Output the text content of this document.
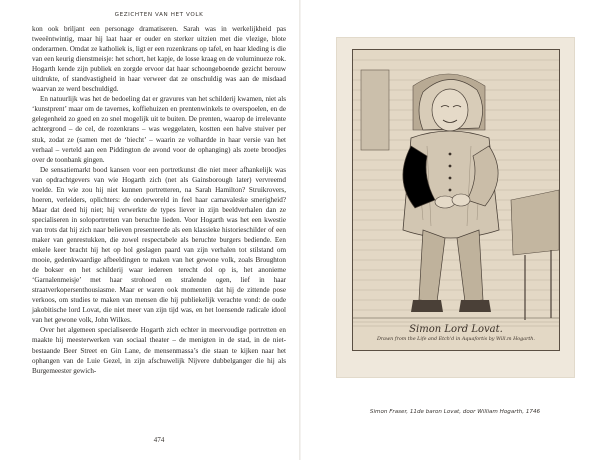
GEZICHTEN VAN HET VOLK

kon ook briljant een personage dramatiseren. Sarah was in werkelijkheid pas tweeëntwintig, maar hij laat haar er ouder en sterker uitzien met die vlezige, blote onderarmen. Omdat ze katholiek is, ligt er een rozenkrans op tafel, en haar kleding is die van een keurig dienstmeisje: het schort, het kapje, de losse kraag en de voluminueze rok. Hogarth kende zijn publiek en zorgde ervoor dat haar schoongeboende gezicht berouw uitdrukte, of standvastigheid in haar verweer dat ze onschuldig was aan de misdaad waarvan ze werd beschuldigd.

En natuurlijk was het de bedoeling dat er gravures van het schilderij kwamen, niet als ‘kunstprent’ maar om de tavernes, koffiehuizen en prentenwinkels te overspoelen, en de gelegenheid zo goed en zo snel mogelijk uit te buiten. De prenten, waarop de irrelevante achtergrond – de cel, de rozenkrans – was weggelaten, kostten een halve stuiver per stuk, zodat ze (samen met de ‘biecht’ – waarin ze volhardde in haar versie van het verhaal – verteld aan een Piddington de avond voor de ophanging) als zoete broodjes over de toonbank gingen.

De sensatiemarkt bood kansen voor een portretkunst die niet meer afhankelijk was van opdrachtgevers van wie Hogarth zich (net als Gainsborough later) vervreemd voelde. En wie zou hij niet kunnen portretteren, na Sarah Hamilton? Struikrovers, hoeren, verleiders, oplichters: de onderwereld in feel haar carnavaleske smerigheid? Maar dat deed hij niet; hij verwerkte de types liever in zijn beeldverhalen dan ze specialiseren in soloportretten van beruchte lieden. Voor Hogarth was het een kwestie van trots dat hij zich naar believen presenteerde als een klassieke historieschilder of een maker van genrestukken, die zowel respectabele als beruchte burgers bediende. Een enkele keer bracht hij het op hol geslagen paard van zijn verhalen tot stilstand om mooie, gedenkwaardige afbeeldingen te maken van het gewone volk, zoals Broughton de bokser en het schilderij waar iedereen terecht dol op is, het anonieme ‘Garnalenmeisje’ met haar strohoed en stralende ogen, lief in haar straatverkopersenthousiasme. Maar er waren ook momenten dat hij de zittende pose verkoos, om studies te maken van mensen die hij publiekelijk verachte vond: de oude jakobitische lord Lovat, die niet meer van zijn tijd was, en het loensende radicale idool van het gewone volk, John Wilkes.

Over het algemeen specialiseerde Hogarth zich echter in meervoudige portretten en maakte hij meesterwerken van sociaal theater – de menigten in de stad, in de niet-bestaande Beer Street en Gin Lane, de mensenmassa’s die staan te kijken naar het ophangen van de Luie Gezel, in zijn afschuwelijk Nijvere dubbelganger die hij als Burgemeester gewich-

474
Simon Lord Lovat.
Drawn from the Life and Etch'd in Aquafortis by Will.m Hogarth.
Simon Fraser, 11de baron Lovat, door William Hogarth, 1746
